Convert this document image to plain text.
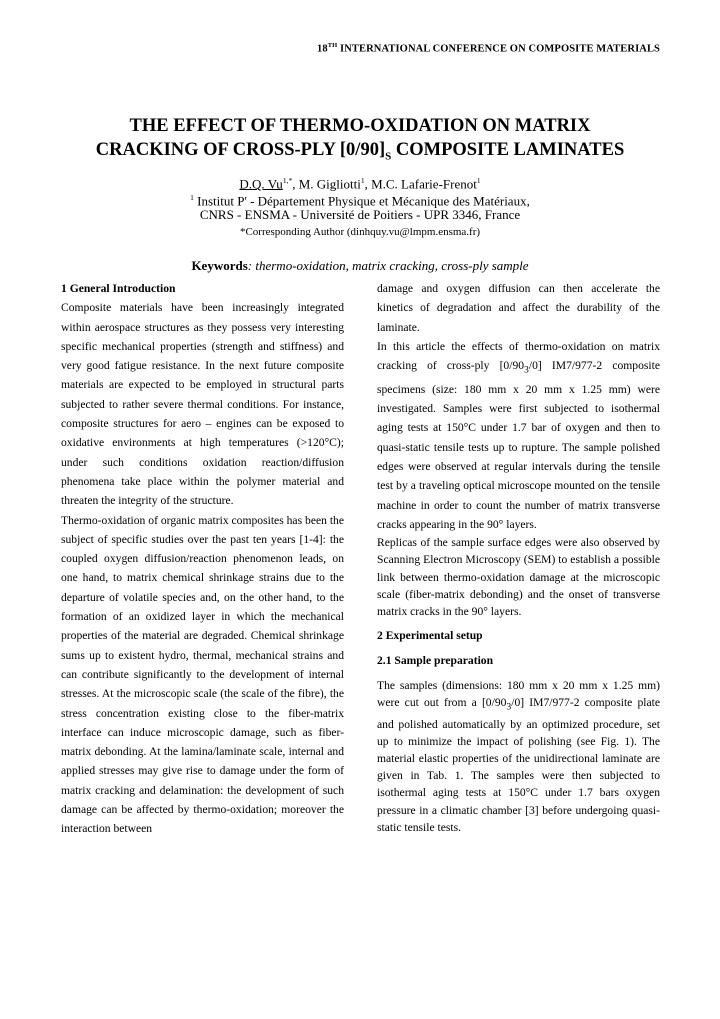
18TH INTERNATIONAL CONFERENCE ON COMPOSITE MATERIALS
THE EFFECT OF THERMO-OXIDATION ON MATRIX
CRACKING OF CROSS-PLY $[0/90]_S$ COMPOSITE LAMINATES
D.Q. $Vu^{1,*}$, M. Gigliotti$^1$, M.C. Lafarie-Frenot$^1$
$^1$ Institut P' - Département Physique et Mécanique des Matériaux,
CNRS - ENSMA - Université de Poitiers - UPR 3346, France
*Corresponding Author (dinhquy.vu@lmpm.ensma.fr)
Keywords: thermo-oxidation, matrix cracking, cross-ply sample
1 General Introduction

Composite materials have been increasingly integrated within aerospace structures as they possess very interesting specific mechanical properties (strength and stiffness) and very good fatigue resistance. In the next future composite materials are expected to be employed in structural parts subjected to rather severe thermal conditions. For instance, composite structures for aero – engines can be exposed to oxidative environments at high temperatures (>120°C); under such conditions oxidation reaction/diffusion phenomena take place within the polymer material and threaten the integrity of the structure.

Thermo-oxidation of organic matrix composites has been the subject of specific studies over the past ten years [1-4]: the coupled oxygen diffusion/reaction phenomenon leads, on one hand, to matrix chemical shrinkage strains due to the departure of volatile species and, on the other hand, to the formation of an oxidized layer in which the mechanical properties of the material are degraded. Chemical shrinkage sums up to existent hydro, thermal, mechanical strains and can contribute significantly to the development of internal stresses. At the microscopic scale (the scale of the fibre), the stress concentration existing close to the fiber-matrix interface can induce microscopic damage, such as fiber-matrix debonding. At the lamina/laminate scale, internal and applied stresses may give rise to damage under the form of matrix cracking and delamination: the development of such damage can be affected by thermo-oxidation; moreover the interaction between

damage and oxygen diffusion can then accelerate the kinetics of degradation and affect the durability of the laminate.

In this article the effects of thermo-oxidation on matrix cracking of cross-ply $[0/90_3/0]$ IM7/977-2 composite specimens (size: 180 mm x 20 mm x 1.25 mm) were investigated. Samples were first subjected to isothermal aging tests at 150°C under 1.7 bar of oxygen and then to quasi-static tensile tests up to rupture. The sample polished edges were observed at regular intervals during the tensile test by a traveling optical microscope mounted on the tensile machine in order to count the number of matrix transverse cracks appearing in the 90° layers.

Replicas of the sample surface edges were also observed by Scanning Electron Microscopy (SEM) to establish a possible link between thermo-oxidation damage at the microscopic scale (fiber-matrix debonding) and the onset of transverse matrix cracks in the 90° layers.

2 Experimental setup
2.1 Sample preparation

The samples (dimensions: 180 mm x 20 mm x 1.25 mm) were cut out from a $[0/90_3/0]$ IM7/977-2 composite plate and polished automatically by an optimized procedure, set up to minimize the impact of polishing (see Fig. 1). The material elastic properties of the unidirectional laminate are given in Tab. 1. The samples were then subjected to isothermal aging tests at 150°C under 1.7 bars oxygen pressure in a climatic chamber [3] before undergoing quasi-static tensile tests.
